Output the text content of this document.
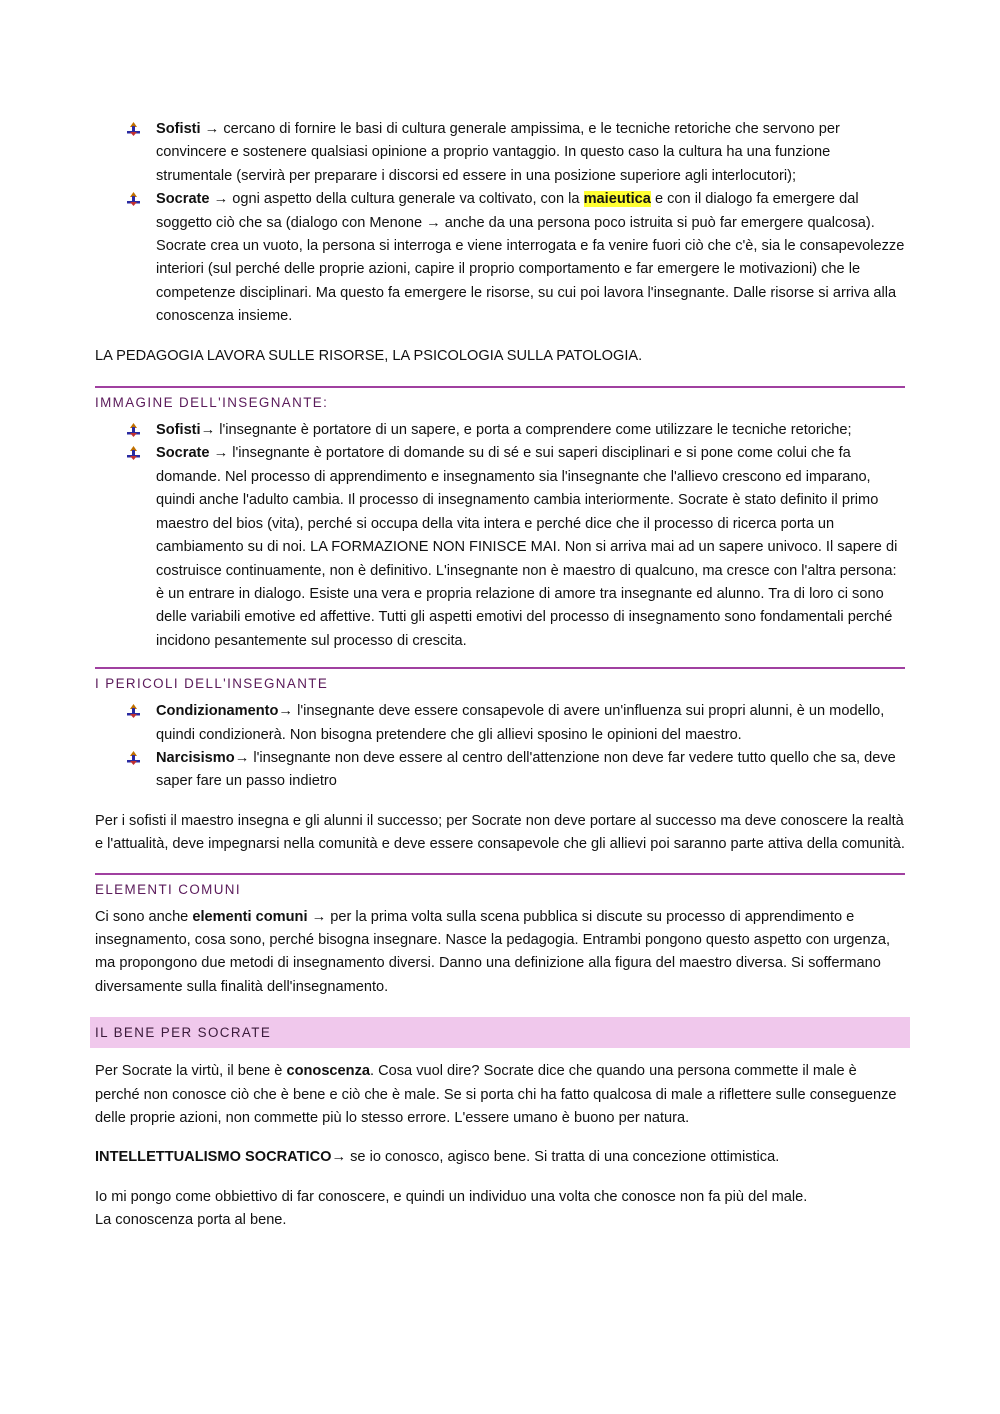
Sofisti → cercano di fornire le basi di cultura generale ampissima, e le tecniche retoriche che servono per convincere e sostenere qualsiasi opinione a proprio vantaggio. In questo caso la cultura ha una funzione strumentale (servirà per preparare i discorsi ed essere in una posizione superiore agli interlocutori);
Socrate → ogni aspetto della cultura generale va coltivato, con la maieutica e con il dialogo fa emergere dal soggetto ciò che sa (dialogo con Menone → anche da una persona poco istruita si può far emergere qualcosa). Socrate crea un vuoto, la persona si interroga e viene interrogata e fa venire fuori ciò che c'è, sia le consapevolezze interiori (sul perché delle proprie azioni, capire il proprio comportamento e far emergere le motivazioni) che le competenze disciplinari. Ma questo fa emergere le risorse, su cui poi lavora l'insegnante. Dalle risorse si arriva alla conoscenza insieme.

LA PEDAGOGIA LAVORA SULLE RISORSE, LA PSICOLOGIA SULLA PATOLOGIA.

IMMAGINE DELL'INSEGNANTE:
Sofisti→ l'insegnante è portatore di un sapere, e porta a comprendere come utilizzare le tecniche retoriche;
Socrate → l'insegnante è portatore di domande su di sé e sui saperi disciplinari e si pone come colui che fa domande. Nel processo di apprendimento e insegnamento sia l'insegnante che l'allievo crescono ed imparano, quindi anche l'adulto cambia. Il processo di insegnamento cambia interiormente. Socrate è stato definito il primo maestro del bios (vita), perché si occupa della vita intera e perché dice che il processo di ricerca porta un cambiamento su di noi. LA FORMAZIONE NON FINISCE MAI. Non si arriva mai ad un sapere univoco. Il sapere di costruisce continuamente, non è definitivo. L'insegnante non è maestro di qualcuno, ma cresce con l'altra persona: è un entrare in dialogo. Esiste una vera e propria relazione di amore tra insegnante ed alunno. Tra di loro ci sono delle variabili emotive ed affettive. Tutti gli aspetti emotivi del processo di insegnamento sono fondamentali perché incidono pesantemente sul processo di crescita.
I PERICOLI DELL'INSEGNANTE
Condizionamento→ l'insegnante deve essere consapevole di avere un'influenza sui propri alunni, è un modello, quindi condizionerà. Non bisogna pretendere che gli allievi sposino le opinioni del maestro.
Narcisismo→ l'insegnante non deve essere al centro dell'attenzione non deve far vedere tutto quello che sa, deve saper fare un passo indietro

Per i sofisti il maestro insegna e gli alunni il successo; per Socrate non deve portare al successo ma deve conoscere la realtà e l'attualità, deve impegnarsi nella comunità e deve essere consapevole che gli allievi poi saranno parte attiva della comunità.

ELEMENTI COMUNI

Ci sono anche elementi comuni → per la prima volta sulla scena pubblica si discute su processo di apprendimento e insegnamento, cosa sono, perché bisogna insegnare. Nasce la pedagogia. Entrambi pongono questo aspetto con urgenza, ma propongono due metodi di insegnamento diversi. Danno una definizione alla figura del maestro diversa. Si soffermano diversamente sulla finalità dell'insegnamento.

IL BENE PER SOCRATE

Per Socrate la virtù, il bene è conoscenza. Cosa vuol dire? Socrate dice che quando una persona commette il male è perché non conosce ciò che è bene e ciò che è male. Se si porta chi ha fatto qualcosa di male a riflettere sulle conseguenze delle proprie azioni, non commette più lo stesso errore. L'essere umano è buono per natura.

INTELLETTUALISMO SOCRATICO→ se io conosco, agisco bene. Si tratta di una concezione ottimistica.

Io mi pongo come obbiettivo di far conoscere, e quindi un individuo una volta che conosce non fa più del male.
La conoscenza porta al bene.
